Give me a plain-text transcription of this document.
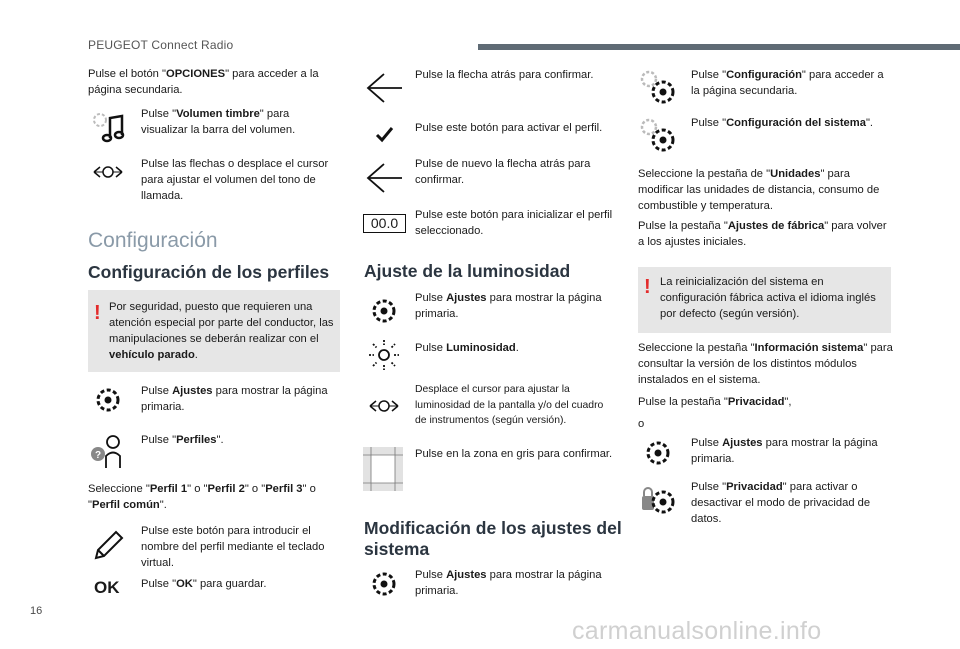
PEUGEOT Connect Radio
Pulse el botón "OPCIONES" para acceder a la página secundaria.
Pulse "Volumen timbre" para visualizar la barra del volumen.
Pulse las flechas o desplace el cursor para ajustar el volumen del tono de llamada.
Configuración
Configuración de los perfiles
! Por seguridad, puesto que requieren una atención especial por parte del conductor, las manipulaciones se deberán realizar con el vehículo parado.
Pulse Ajustes para mostrar la página primaria.
?
Pulse "Perfiles".
Seleccione "Perfil 1" o "Perfil 2" o "Perfil 3" o "Perfil común".
Pulse este botón para introducir el nombre del perfil mediante el teclado virtual.
OK Pulse "OK" para guardar.
Pulse la flecha atrás para confirmar.
Pulse este botón para activar el perfil.
Pulse de nuevo la flecha atrás para confirmar.
00.0	Pulse este botón para inicializar el perfil seleccionado.
Ajuste de la luminosidad
Pulse Ajustes para mostrar la página primaria.
Pulse Luminosidad.
Desplace el cursor para ajustar la luminosidad de la pantalla y/o del cuadro de instrumentos (según versión).
Pulse en la zona en gris para confirmar.
Modificación de los ajustes del sistema
Pulse Ajustes para mostrar la página primaria.
Pulse "Configuración" para acceder a la página secundaria.
Pulse "Configuración del sistema".
Seleccione la pestaña de "Unidades" para modificar las unidades de distancia, consumo de combustible y temperatura.
Pulse la pestaña "Ajustes de fábrica" para volver a los ajustes iniciales.
! La reinicialización del sistema en configuración fábrica activa el idioma inglés por defecto (según versión).
Seleccione la pestaña "Información sistema" para consultar la versión de los distintos módulos instalados en el sistema.
Pulse la pestaña "Privacidad",
o
Pulse Ajustes para mostrar la página primaria.
Pulse "Privacidad" para activar o desactivar el modo de privacidad de datos.
16
carmanualsonline.info
